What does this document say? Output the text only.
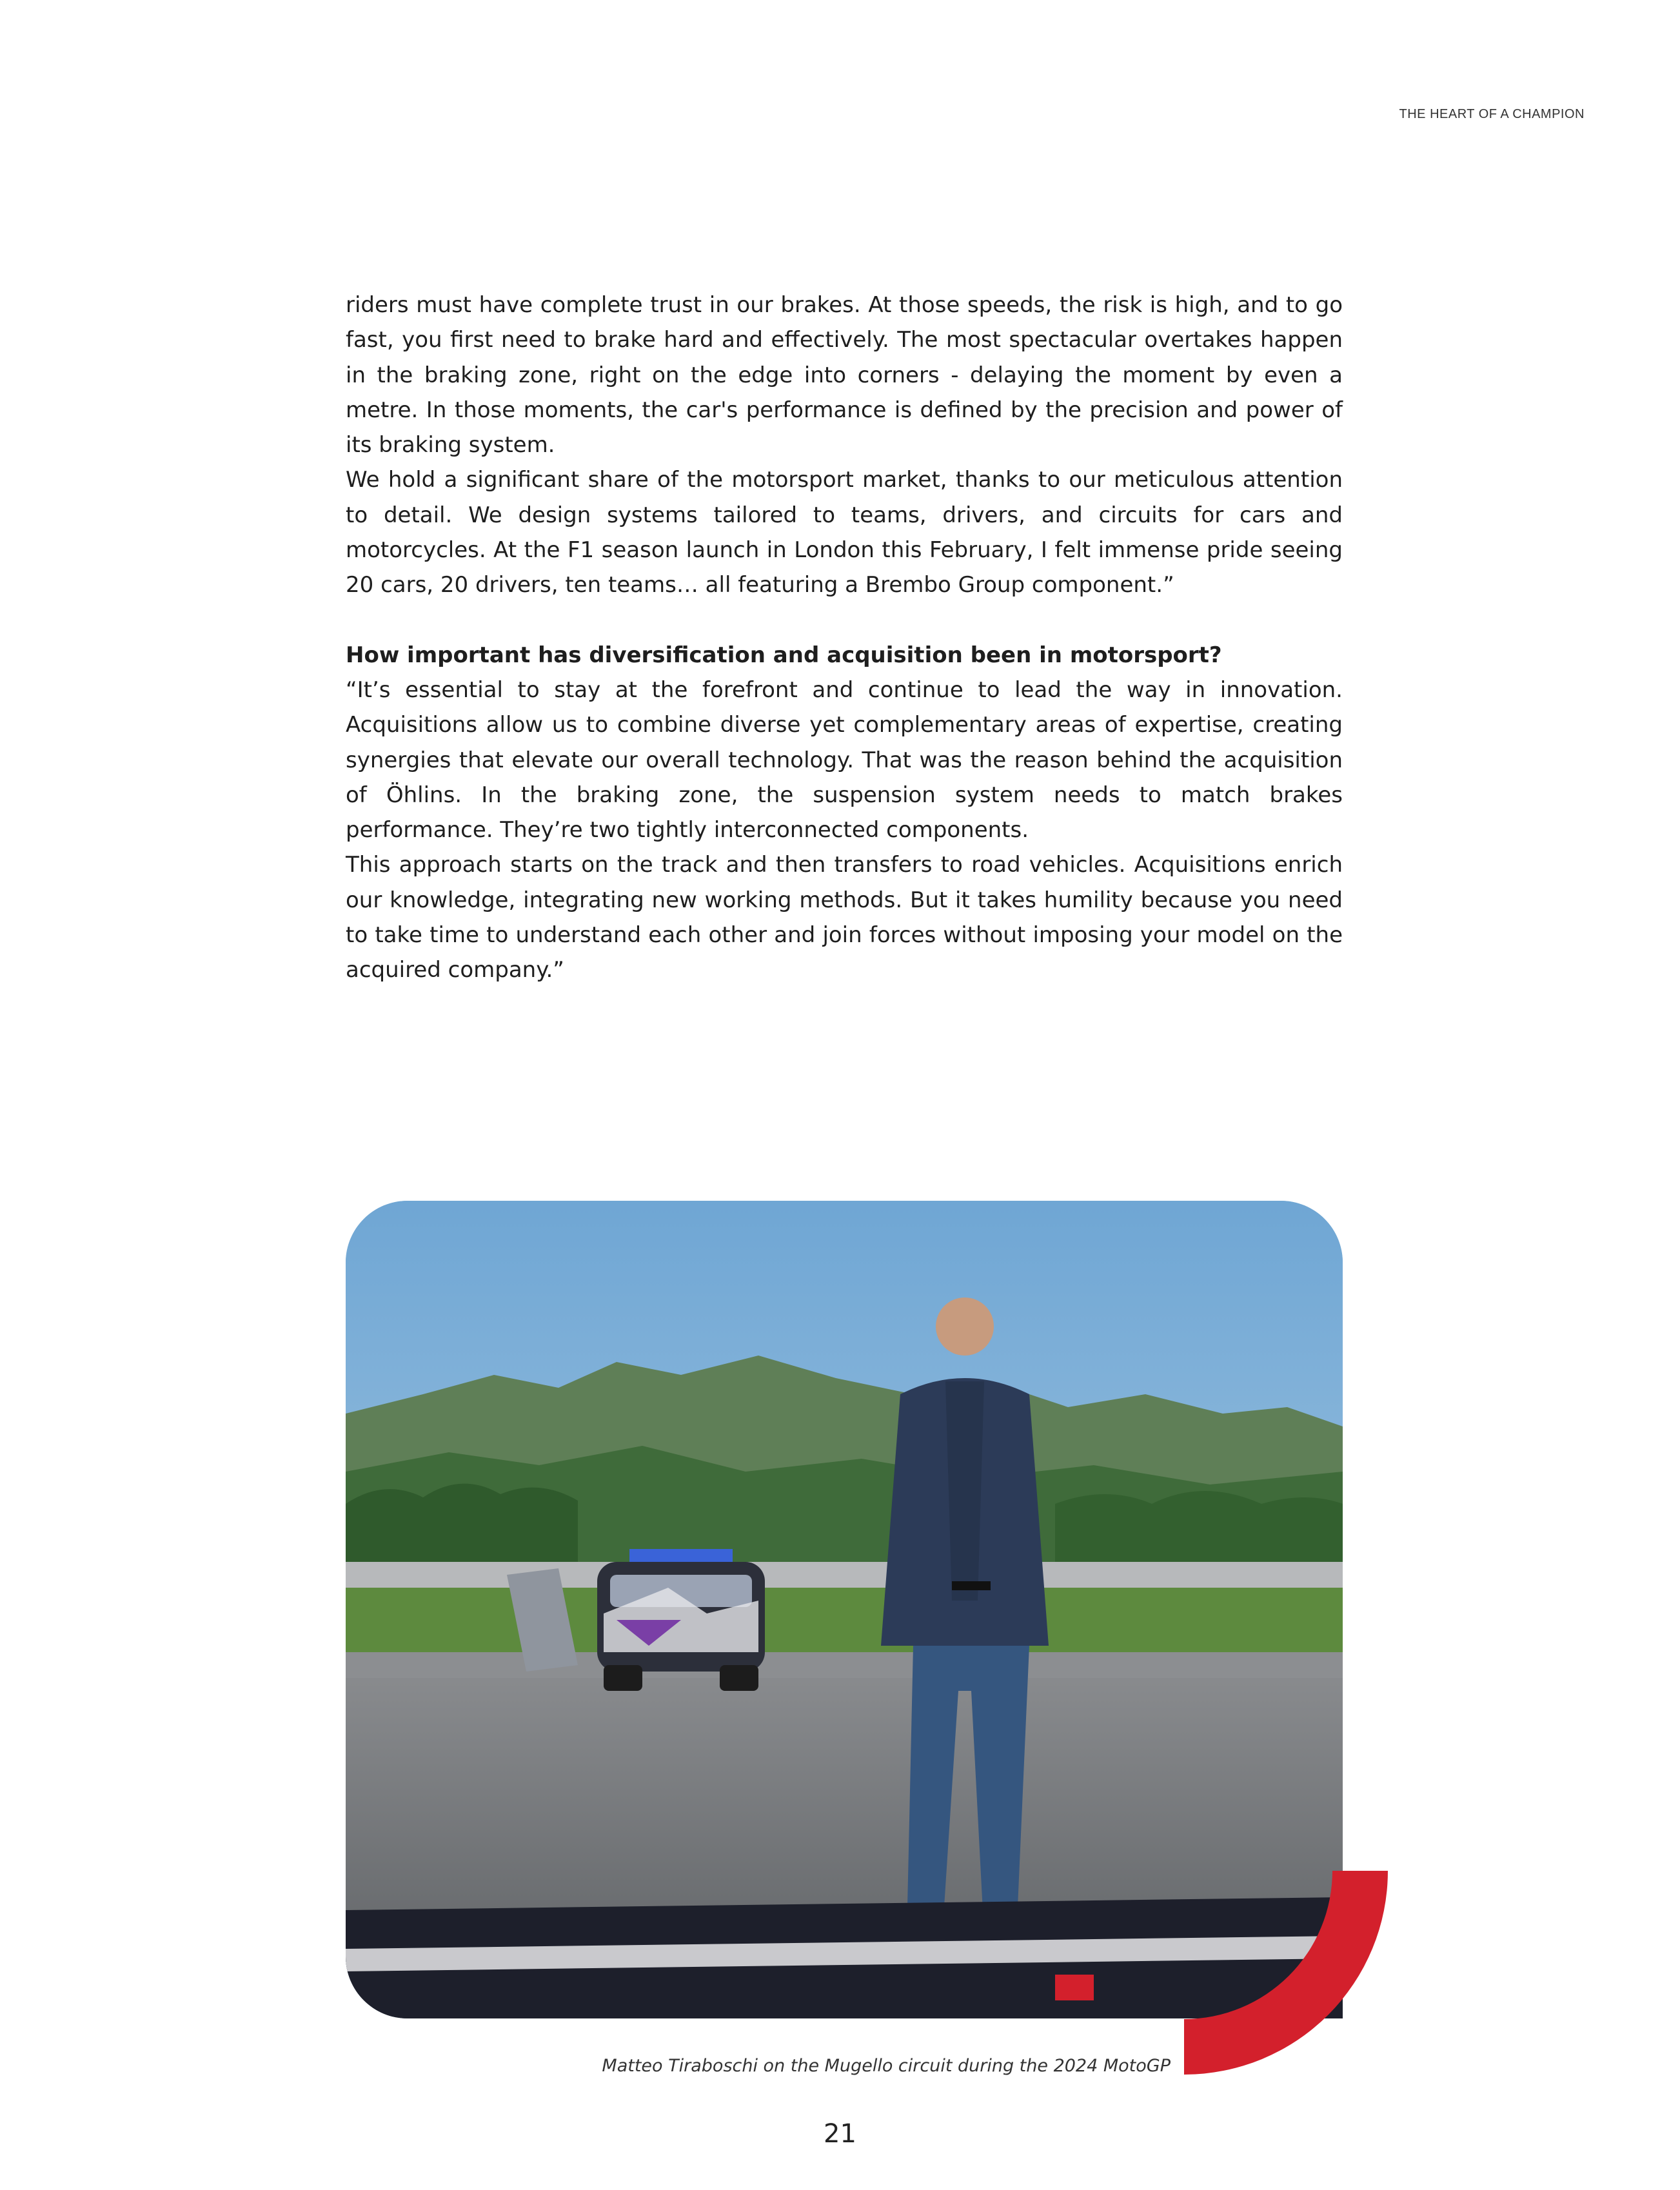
THE HEART OF A CHAMPION

riders must have complete trust in our brakes. At those speeds, the risk is high, and to go fast, you first need to brake hard and effectively. The most spectacular overtakes happen in the braking zone, right on the edge into corners - delaying the moment by even a metre. In those moments, the car's performance is defined by the precision and power of its braking system.

We hold a significant share of the motorsport market, thanks to our meticulous attention to detail. We design systems tailored to teams, drivers, and circuits for cars and motorcycles. At the F1 season launch in London this February, I felt immense pride seeing 20 cars, 20 drivers, ten teams… all featuring a Brembo Group component.”

How important has diversification and acquisition been in motorsport?

“It’s essential to stay at the forefront and continue to lead the way in innovation. Acquisitions allow us to combine diverse yet complementary areas of expertise, creating synergies that elevate our overall technology. That was the reason behind the acquisition of Öhlins. In the braking zone, the suspension system needs to match brakes performance. They’re two tightly interconnected components.

This approach starts on the track and then transfers to road vehicles. Acquisitions enrich our knowledge, integrating new working methods. But it takes humility because you need to take time to understand each other and join forces without imposing your model on the acquired company.”

Matteo Tiraboschi on the Mugello circuit during the 2024 MotoGP
21
